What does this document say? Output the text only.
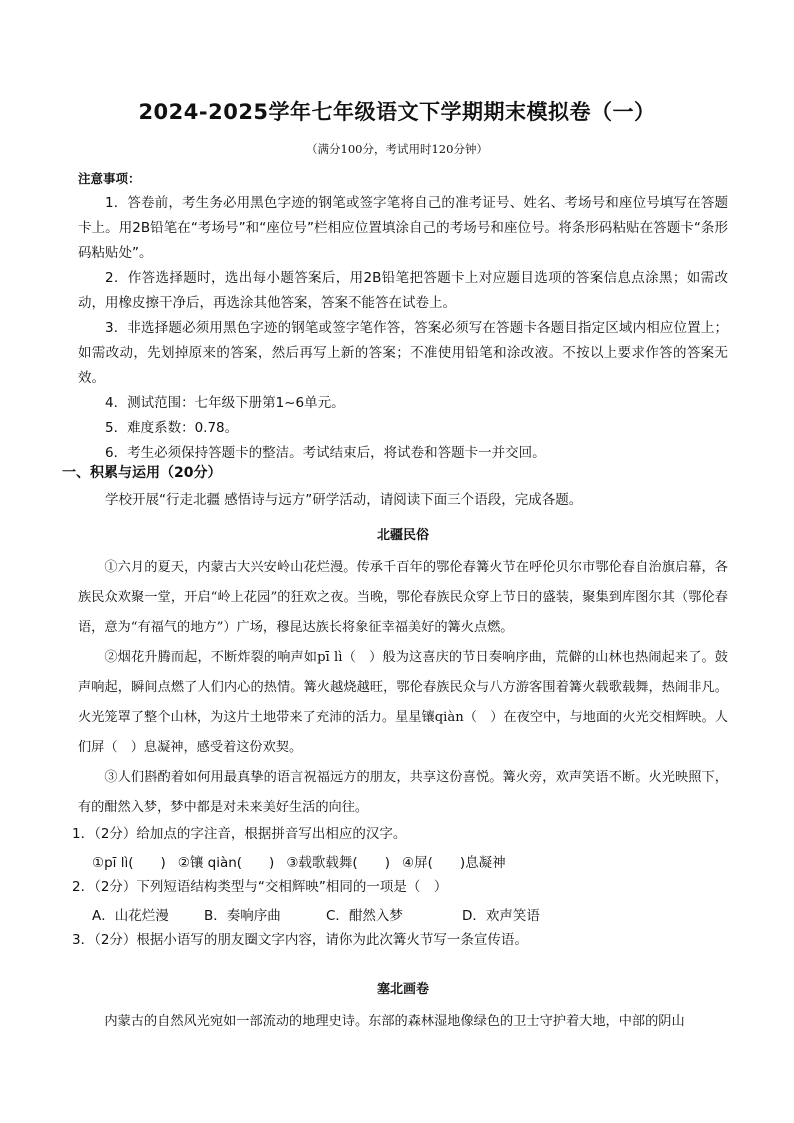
2024-2025学年七年级语文下学期期末模拟卷（一）
（满分100分，考试用时120分钟）

注意事项：

1．答卷前，考生务必用黑色字迹的钢笔或签字笔将自己的准考证号、姓名、考场号和座位号填写在答题卡上。用2B铅笔在“考场号”和“座位号”栏相应位置填涂自己的考场号和座位号。将条形码粘贴在答题卡“条形码粘贴处”。

2．作答选择题时，选出每小题答案后，用2B铅笔把答题卡上对应题目选项的答案信息点涂黑；如需改动，用橡皮擦干净后，再选涂其他答案，答案不能答在试卷上。

3．非选择题必须用黑色字迹的钢笔或签字笔作答，答案必须写在答题卡各题目指定区域内相应位置上；如需改动，先划掉原来的答案，然后再写上新的答案；不准使用铅笔和涂改液。不按以上要求作答的答案无效。

4．测试范围：七年级下册第1~6单元。

5．难度系数：0.78。

6．考生必须保持答题卡的整洁。考试结束后，将试卷和答题卡一并交回。

一、积累与运用（20分）

学校开展“行走北疆 感悟诗与远方”研学活动，请阅读下面三个语段，完成各题。

北疆民俗

①六月的夏天，内蒙古大兴安岭山花烂漫。传承千百年的鄂伦春篝火节在呼伦贝尔市鄂伦春自治旗启幕，各族民众欢聚一堂，开启“岭上花园”的狂欢之夜。当晚，鄂伦春族民众穿上节日的盛装，聚集到库图尔其（鄂伦春语，意为“有福气的地方”）广场，穆昆达族长将象征幸福美好的篝火点燃。

②烟花升腾而起，不断炸裂的响声如pī lì（　）般为这喜庆的节日奏响序曲，荒僻的山林也热闹起来了。鼓声响起，瞬间点燃了人们内心的热情。篝火越烧越旺，鄂伦春族民众与八方游客围着篝火载歌载舞，热闹非凡。火光笼罩了整个山林，为这片土地带来了充沛的活力。星星镶qiàn（　）在夜空中，与地面的火光交相辉映。人们屏（　）息凝神，感受着这份欢契。

③人们斟酌着如何用最真挚的语言祝福远方的朋友，共享这份喜悦。篝火旁，欢声笑语不断。火光映照下，有的酣然入梦，梦中都是对未来美好生活的向往。

1．（2分）给加点的字注音，根据拼音写出相应的汉字。

①pī lì(　　) ②镶 qiàn(　　) ③载歌载舞(　　) ④屏(　　)息凝神

2．（2分）下列短语结构类型与“交相辉映”相同的一项是（　）

A．山花烂漫	B．奏响序曲	C．酣然入梦	D．欢声笑语

3．（2分）根据小语写的朋友圈文字内容，请你为此次篝火节写一条宣传语。

塞北画卷

内蒙古的自然风光宛如一部流动的地理史诗。东部的森林湿地像绿色的卫士守护着大地，中部的阴山
